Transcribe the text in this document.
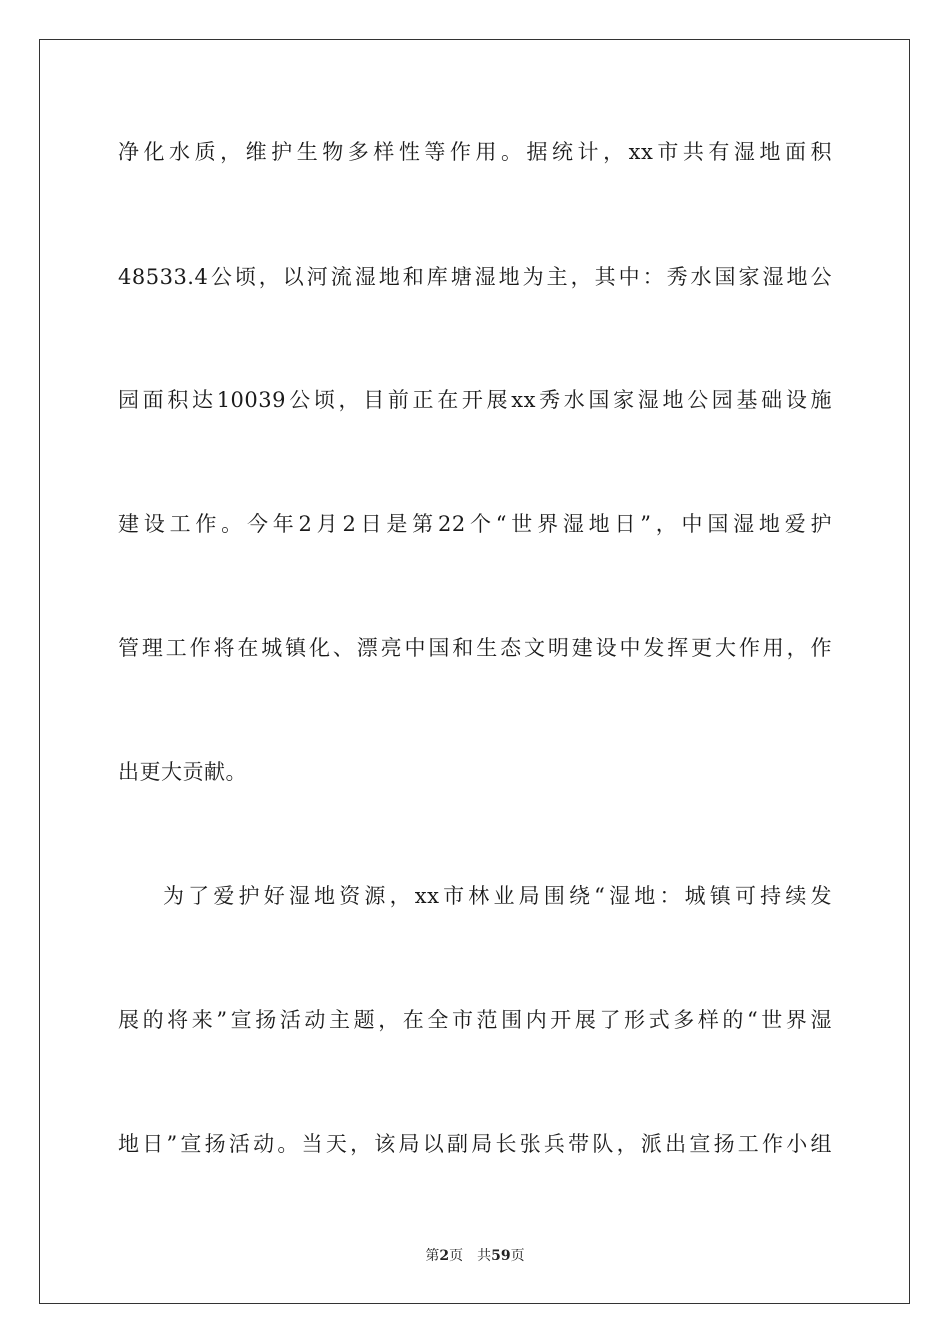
净化水质，维护生物多样性等作用。据统计，xx市共有湿地面积
48533.4公顷，以河流湿地和库塘湿地为主，其中：秀水国家湿地公
园面积达10039公顷，目前正在开展xx秀水国家湿地公园基础设施
建设工作。今年2月2日是第22个“世界湿地日”，中国湿地爱护
管理工作将在城镇化、漂亮中国和生态文明建设中发挥更大作用，作
出更大贡献。
为了爱护好湿地资源，xx市林业局围绕“湿地：城镇可持续发
展的将来”宣扬活动主题，在全市范围内开展了形式多样的“世界湿
地日”宣扬活动。当天，该局以副局长张兵带队，派出宣扬工作小组
第2页 共59页
